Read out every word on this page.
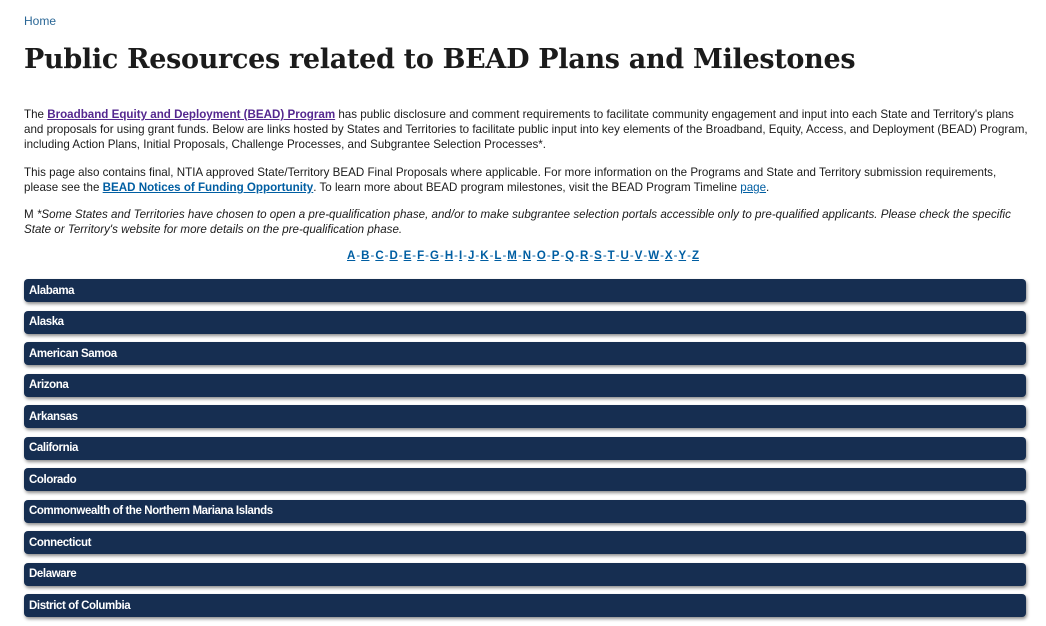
Home
Public Resources related to BEAD Plans and Milestones

The Broadband Equity and Deployment (BEAD) Program has public disclosure and comment requirements to facilitate community engagement and input into each State and Territory's plans and proposals for using grant funds. Below are links hosted by States and Territories to facilitate public input into key elements of the Broadband, Equity, Access, and Deployment (BEAD) Program, including Action Plans, Initial Proposals, Challenge Processes, and Subgrantee Selection Processes*.

This page also contains final, NTIA approved State/Territory BEAD Final Proposals where applicable. For more information on the Programs and State and Territory submission requirements, please see the BEAD Notices of Funding Opportunity. To learn more about BEAD program milestones, visit the BEAD Program Timeline page.

M *Some States and Territories have chosen to open a pre-qualification phase, and/or to make subgrantee selection portals accessible only to pre-qualified applicants. Please check the specific State or Territory's website for more details on the pre-qualification phase.

A-B-C-D-E-F-G-H-I-J-K-L-M-N-O-P-Q-R-S-T-U-V-W-X-Y-Z
Alabama
Alaska
American Samoa
Arizona
Arkansas
California
Colorado
Commonwealth of the Northern Mariana Islands
Connecticut
Delaware
District of Columbia
